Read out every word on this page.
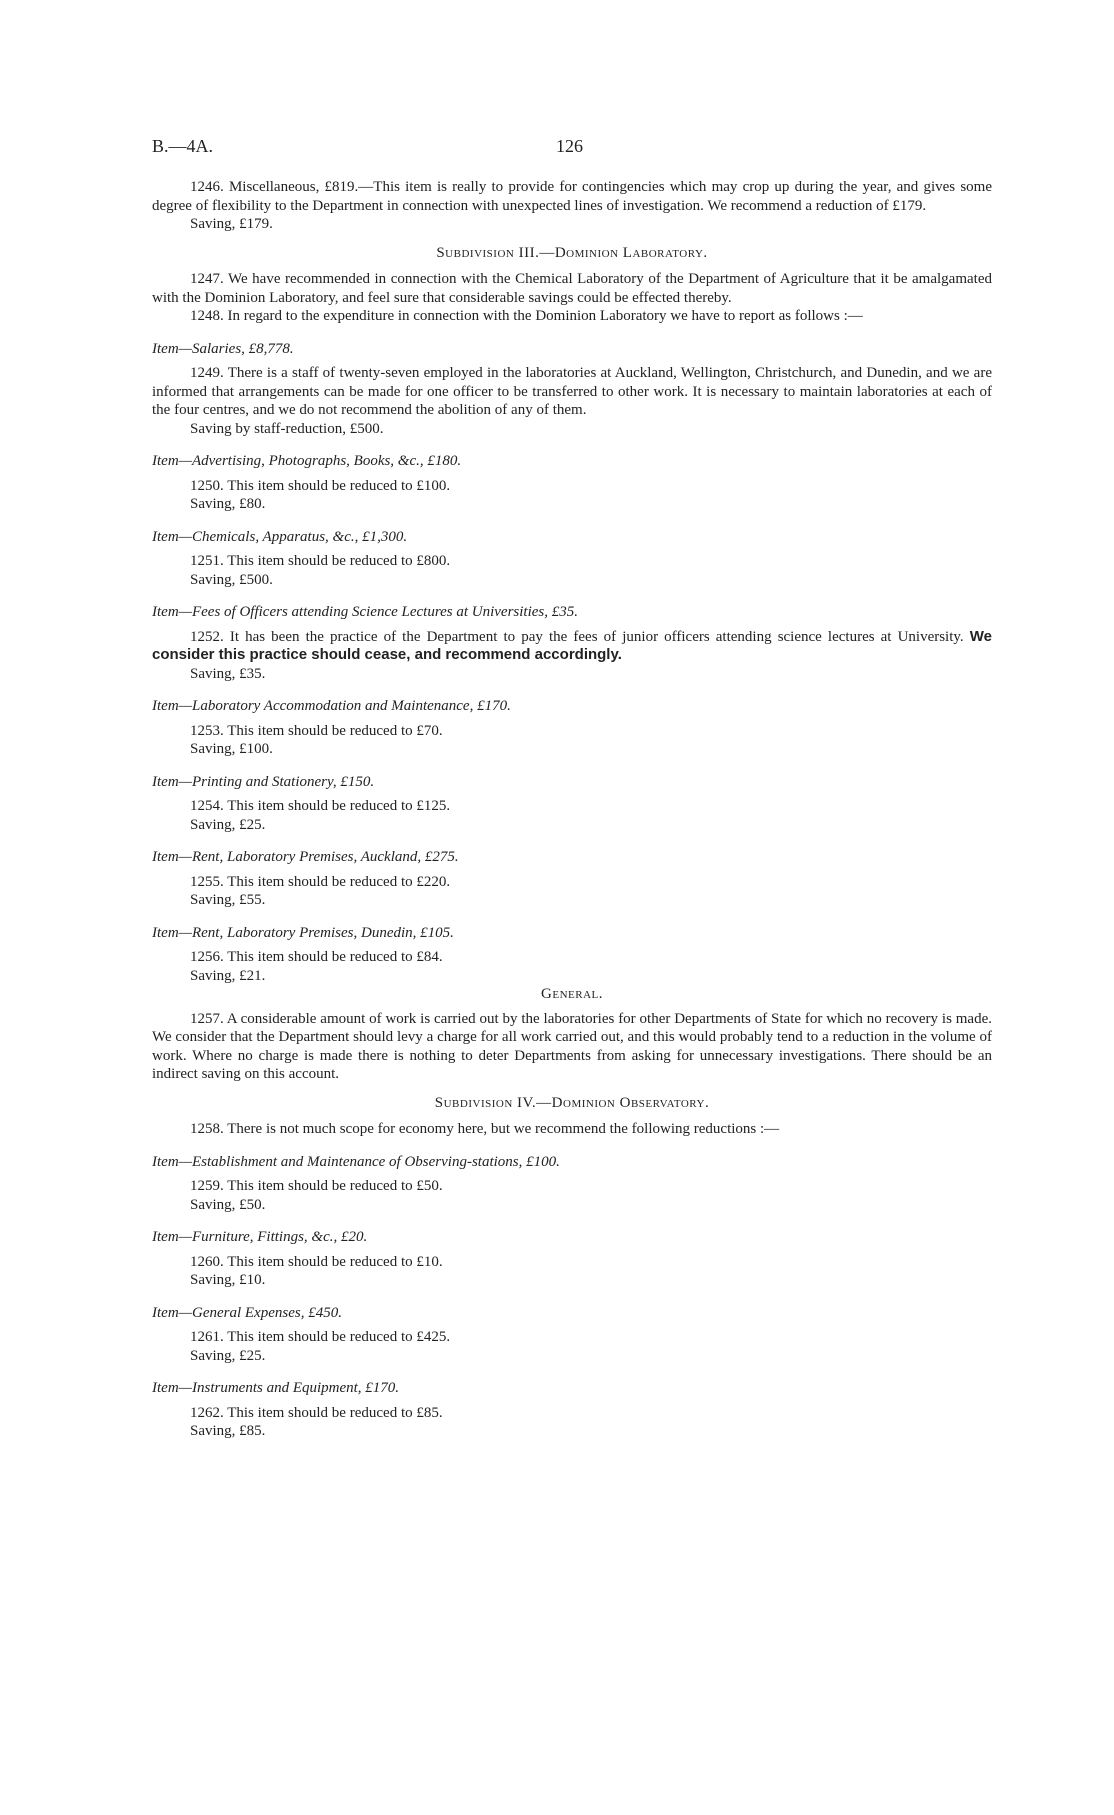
B.—4A.	126

1246. Miscellaneous, £819.—This item is really to provide for contingencies which may crop up during the year, and gives some degree of flexibility to the Department in connection with unexpected lines of investigation. We recommend a reduction of £179.

Saving, £179.

Subdivision III.—Dominion Laboratory.

1247. We have recommended in connection with the Chemical Laboratory of the Department of Agriculture that it be amalgamated with the Dominion Laboratory, and feel sure that considerable savings could be effected thereby.

1248. In regard to the expenditure in connection with the Dominion Laboratory we have to report as follows :—

Item—Salaries, £8,778.

1249. There is a staff of twenty-seven employed in the laboratories at Auckland, Wellington, Christchurch, and Dunedin, and we are informed that arrangements can be made for one officer to be transferred to other work. It is necessary to maintain laboratories at each of the four centres, and we do not recommend the abolition of any of them.

Saving by staff-reduction, £500.

Item—Advertising, Photographs, Books, &c., £180.

1250. This item should be reduced to £100.

Saving, £80.

Item—Chemicals, Apparatus, &c., £1,300.

1251. This item should be reduced to £800.

Saving, £500.

Item—Fees of Officers attending Science Lectures at Universities, £35.

1252. It has been the practice of the Department to pay the fees of junior officers attending science lectures at University. We consider this practice should cease, and recommend accordingly.

Saving, £35.

Item—Laboratory Accommodation and Maintenance, £170.

1253. This item should be reduced to £70.

Saving, £100.

Item—Printing and Stationery, £150.

1254. This item should be reduced to £125.

Saving, £25.

Item—Rent, Laboratory Premises, Auckland, £275.

1255. This item should be reduced to £220.

Saving, £55.

Item—Rent, Laboratory Premises, Dunedin, £105.

1256. This item should be reduced to £84.

Saving, £21.

General.

1257. A considerable amount of work is carried out by the laboratories for other Departments of State for which no recovery is made. We consider that the Department should levy a charge for all work carried out, and this would probably tend to a reduction in the volume of work. Where no charge is made there is nothing to deter Departments from asking for unnecessary investigations. There should be an indirect saving on this account.

Subdivision IV.—Dominion Observatory.

1258. There is not much scope for economy here, but we recommend the following reductions :—

Item—Establishment and Maintenance of Observing-stations, £100.

1259. This item should be reduced to £50.

Saving, £50.

Item—Furniture, Fittings, &c., £20.

1260. This item should be reduced to £10.

Saving, £10.

Item—General Expenses, £450.

1261. This item should be reduced to £425.

Saving, £25.

Item—Instruments and Equipment, £170.

1262. This item should be reduced to £85.

Saving, £85.
